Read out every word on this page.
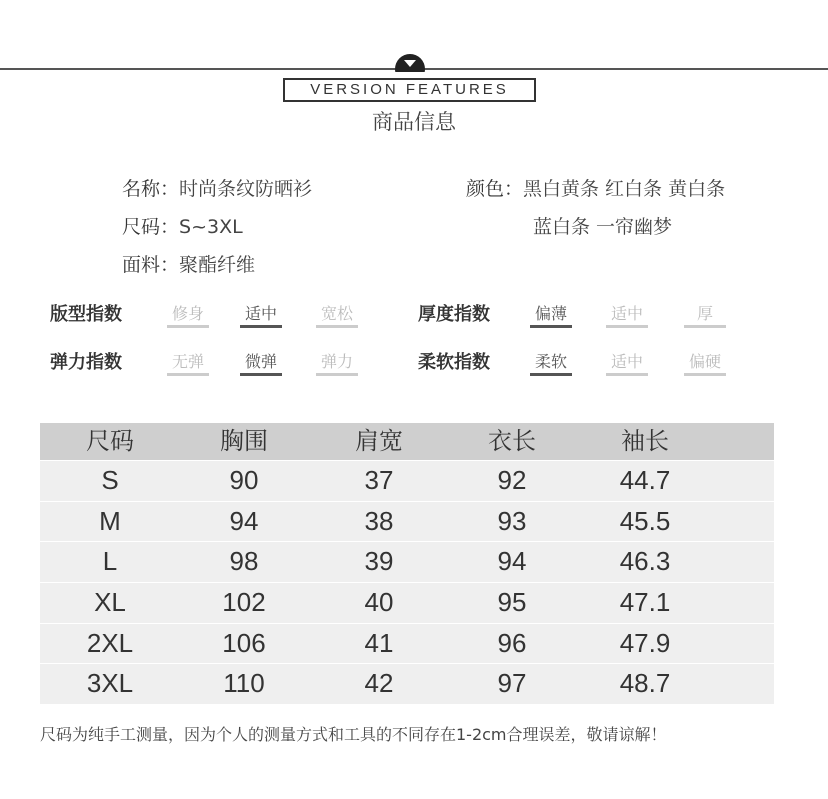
VERSION FEATURES
商品信息
名称：时尚条纹防晒衫
尺码：S~3XL
面料：聚酯纤维
颜色：黑白黄条 红白条 黄白条
蓝白条 一帘幽梦
版型指数	修身	适中	宽松	厚度指数	偏薄	适中	厚
弹力指数	无弹	微弹	弹力	柔软指数	柔软	适中	偏硬
尺码	胸围	肩宽	衣长	袖长
S	90	37	92	44.7
M	94	38	93	45.5
L	98	39	94	46.3
XL	102	40	95	47.1
2XL	106	41	96	47.9
3XL	110	42	97	48.7
尺码为纯手工测量，因为个人的测量方式和工具的不同存在1-2cm合理误差，敬请谅解！
